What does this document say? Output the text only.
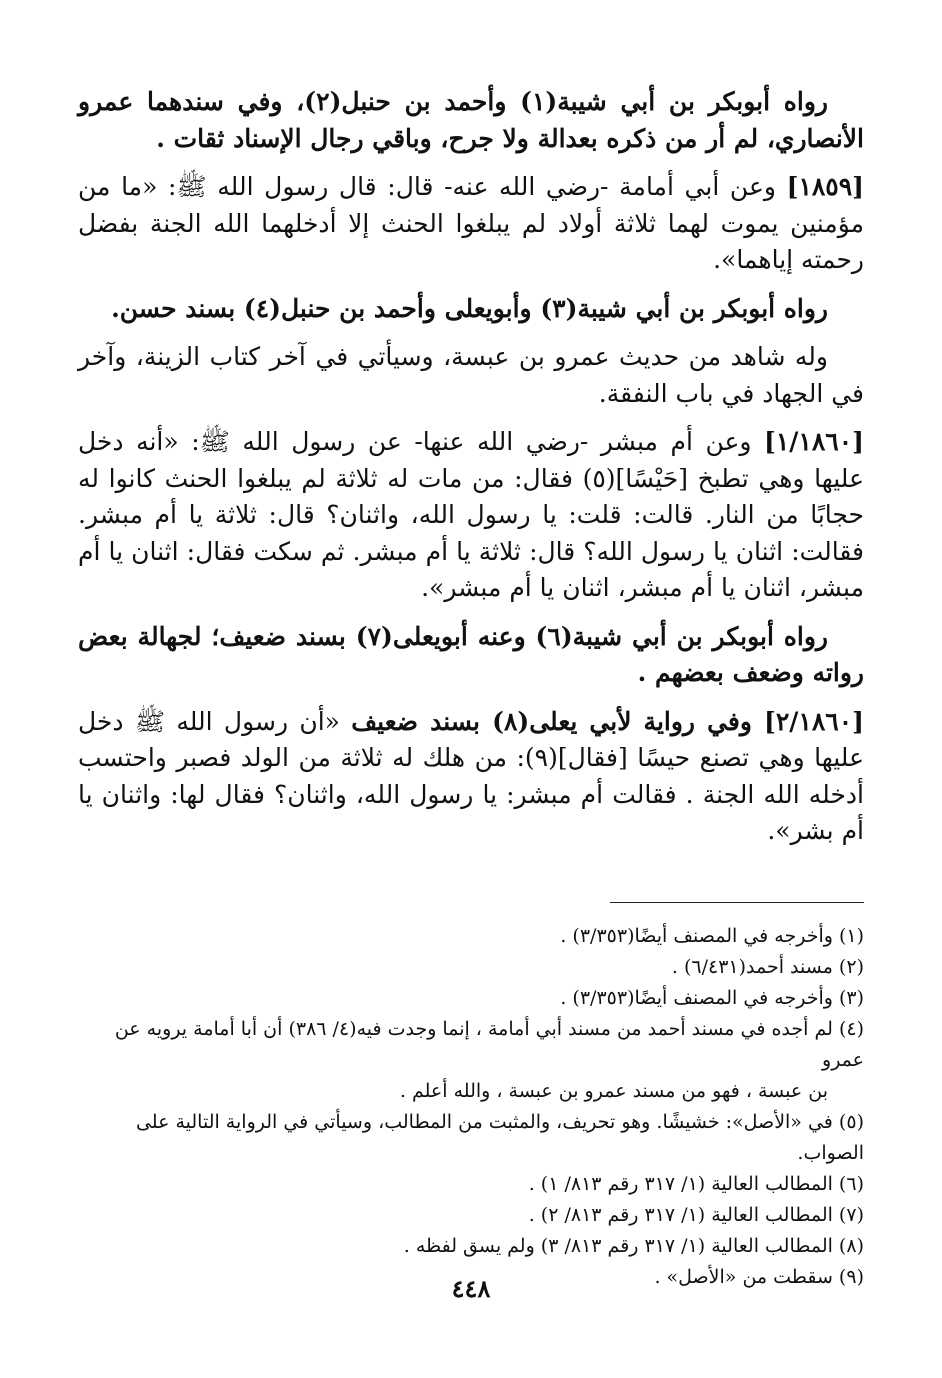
رواه أبوبكر بن أبي شيبة(١) وأحمد بن حنبل(٢)، وفي سندهما عمرو الأنصاري، لم أر من ذكره بعدالة ولا جرح، وباقي رجال الإسناد ثقات .

[١٨٥٩] وعن أبي أمامة -رضي الله عنه- قال: قال رسول الله ﷺ: «ما من مؤمنين يموت لهما ثلاثة أولاد لم يبلغوا الحنث إلا أدخلهما الله الجنة بفضل رحمته إياهما».

رواه أبوبكر بن أبي شيبة(٣) وأبويعلى وأحمد بن حنبل(٤) بسند حسن.

وله شاهد من حديث عمرو بن عبسة، وسيأتي في آخر كتاب الزينة، وآخر في الجهاد في باب النفقة.

[١/١٨٦٠] وعن أم مبشر -رضي الله عنها- عن رسول الله ﷺ: «أنه دخل عليها وهي تطبخ [حَيْسًا](٥) فقال: من مات له ثلاثة لم يبلغوا الحنث كانوا له حجابًا من النار. قالت: قلت: يا رسول الله، واثنان؟ قال: ثلاثة يا أم مبشر. فقالت: اثنان يا رسول الله؟ قال: ثلاثة يا أم مبشر. ثم سكت فقال: اثنان يا أم مبشر، اثنان يا أم مبشر، اثنان يا أم مبشر».

رواه أبوبكر بن أبي شيبة(٦) وعنه أبويعلى(٧) بسند ضعيف؛ لجهالة بعض رواته وضعف بعضهم .

[٢/١٨٦٠] وفي رواية لأبي يعلى(٨) بسند ضعيف «أن رسول الله ﷺ دخل عليها وهي تصنع حيسًا [فقال](٩): من هلك له ثلاثة من الولد فصبر واحتسب أدخله الله الجنة . فقالت أم مبشر: يا رسول الله، واثنان؟ فقال لها: واثنان يا أم بشر».

(١) وأخرجه في المصنف أيضًا(٣/٣٥٣) .
(٢) مسند أحمد(٦/٤٣١) .
(٣) وأخرجه في المصنف أيضًا(٣/٣٥٣) .
(٤) لم أجده في مسند أحمد من مسند أبي أمامة ، إنما وجدت فيه(٤/ ٣٨٦) أن أبا أمامة يرويه عن عمرو
بن عبسة ، فهو من مسند عمرو بن عبسة ، والله أعلم .
(٥) في «الأصل»: خشيشًا. وهو تحريف، والمثبت من المطالب، وسيأتي في الرواية التالية على الصواب.
(٦) المطالب العالية (١/ ٣١٧ رقم ٨١٣/ ١) .
(٧) المطالب العالية (١/ ٣١٧ رقم ٨١٣/ ٢) .
(٨) المطالب العالية (١/ ٣١٧ رقم ٨١٣/ ٣) ولم يسق لفظه .
(٩) سقطت من «الأصل» .
٤٤٨
